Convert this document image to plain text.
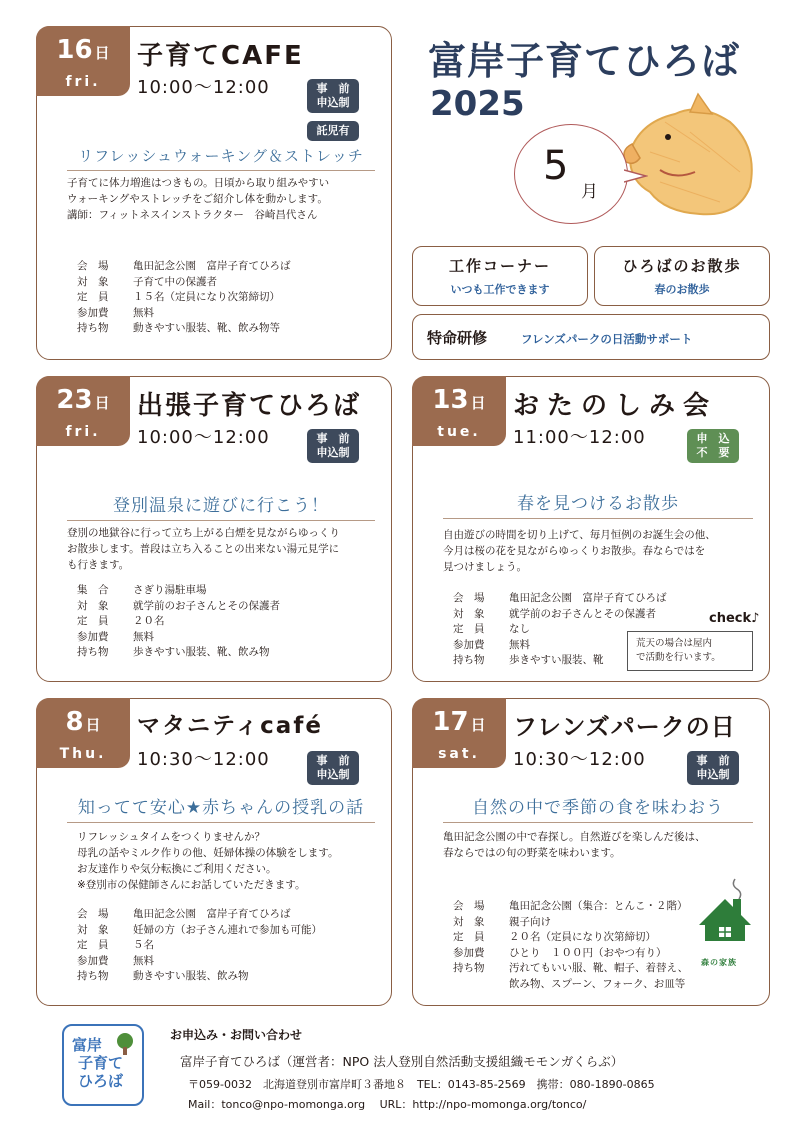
富岸子育てひろば
2025
5
月
工作コーナー
いつも工作できます
ひろばのお散歩
春のお散歩
特命研修	フレンズパークの日活動サポート
16 日
fri.
子育てCAFE
10:00〜12:00	事　前
申込制
託児有
リフレッシュウォーキング＆ストレッチ

子育てに体力増進はつきもの。日頃から取り組みやすい

ウォーキングやストレッチをご紹介し体を動かします。

講師：フィットネスインストラクター　谷崎昌代さん

会　場	亀田記念公園　富岸子育てひろば
対　象	子育て中の保護者
定　員	１５名（定員になり次第締切）
参加費	無料
持ち物	動きやすい服装、靴、飲み物等
23 日
fri.
出張子育てひろば
10:00〜12:00	事　前
申込制
登別温泉に遊びに行こう！

登別の地獄谷に行って立ち上がる白煙を見ながらゆっくり

お散歩します。普段は立ち入ることの出来ない湯元見学に

も行きます。

集　合	さぎり湯駐車場
対　象	就学前のお子さんとその保護者
定　員	２０名
参加費	無料
持ち物	歩きやすい服装、靴、飲み物
13 日
tue.
おたのしみ会
11:00〜12:00	申　込
不　要
春を見つけるお散歩

自由遊びの時間を切り上げて、毎月恒例のお誕生会の他、

今月は桜の花を見ながらゆっくりお散歩。春ならではを

見つけましょう。

会　場	亀田記念公園　富岸子育てひろば
対　象	就学前のお子さんとその保護者
定　員	なし
参加費	無料
持ち物	歩きやすい服装、靴
check♪
荒天の場合は屋内
で活動を行います。
8 日
Thu.
マタニティcafé
10:30〜12:00	事　前
申込制
知ってて安心★赤ちゃんの授乳の話

リフレッシュタイムをつくりませんか？

母乳の話やミルク作りの他、妊婦体操の体験をします。

お友達作りや気分転換にご利用ください。

※登別市の保健師さんにお話していただきます。

会　場	亀田記念公園　富岸子育てひろば
対　象	妊婦の方（お子さん連れで参加も可能）
定　員	５名
参加費	無料
持ち物	動きやすい服装、飲み物
17 日
sat.
フレンズパークの日
10:30〜12:00	事　前
申込制
自然の中で季節の食を味わおう

亀田記念公園の中で春探し。自然遊びを楽しんだ後は、

春ならではの旬の野菜を味わいます。

会　場	亀田記念公園（集合：とんこ・２階）
対　象	親子向け
定　員	２０名（定員になり次第締切）
参加費	ひとり　１００円（おやつ有り）
持ち物	汚れてもいい服、靴、帽子、着替え、
飲み物、スプーン、フォーク、お皿等
森の家族
富岸
子育て
ひろば
お申込み・お問い合わせ
富岸子育てひろば（運営者：NPO 法人登別自然活動支援組織モモンガくらぶ）
〒059-0032　北海道登別市富岸町３番地８　TEL：0143-85-2569　携帯：080-1890-0865
Mail：tonco@npo-momonga.org　 URL：http://npo-momonga.org/tonco/
